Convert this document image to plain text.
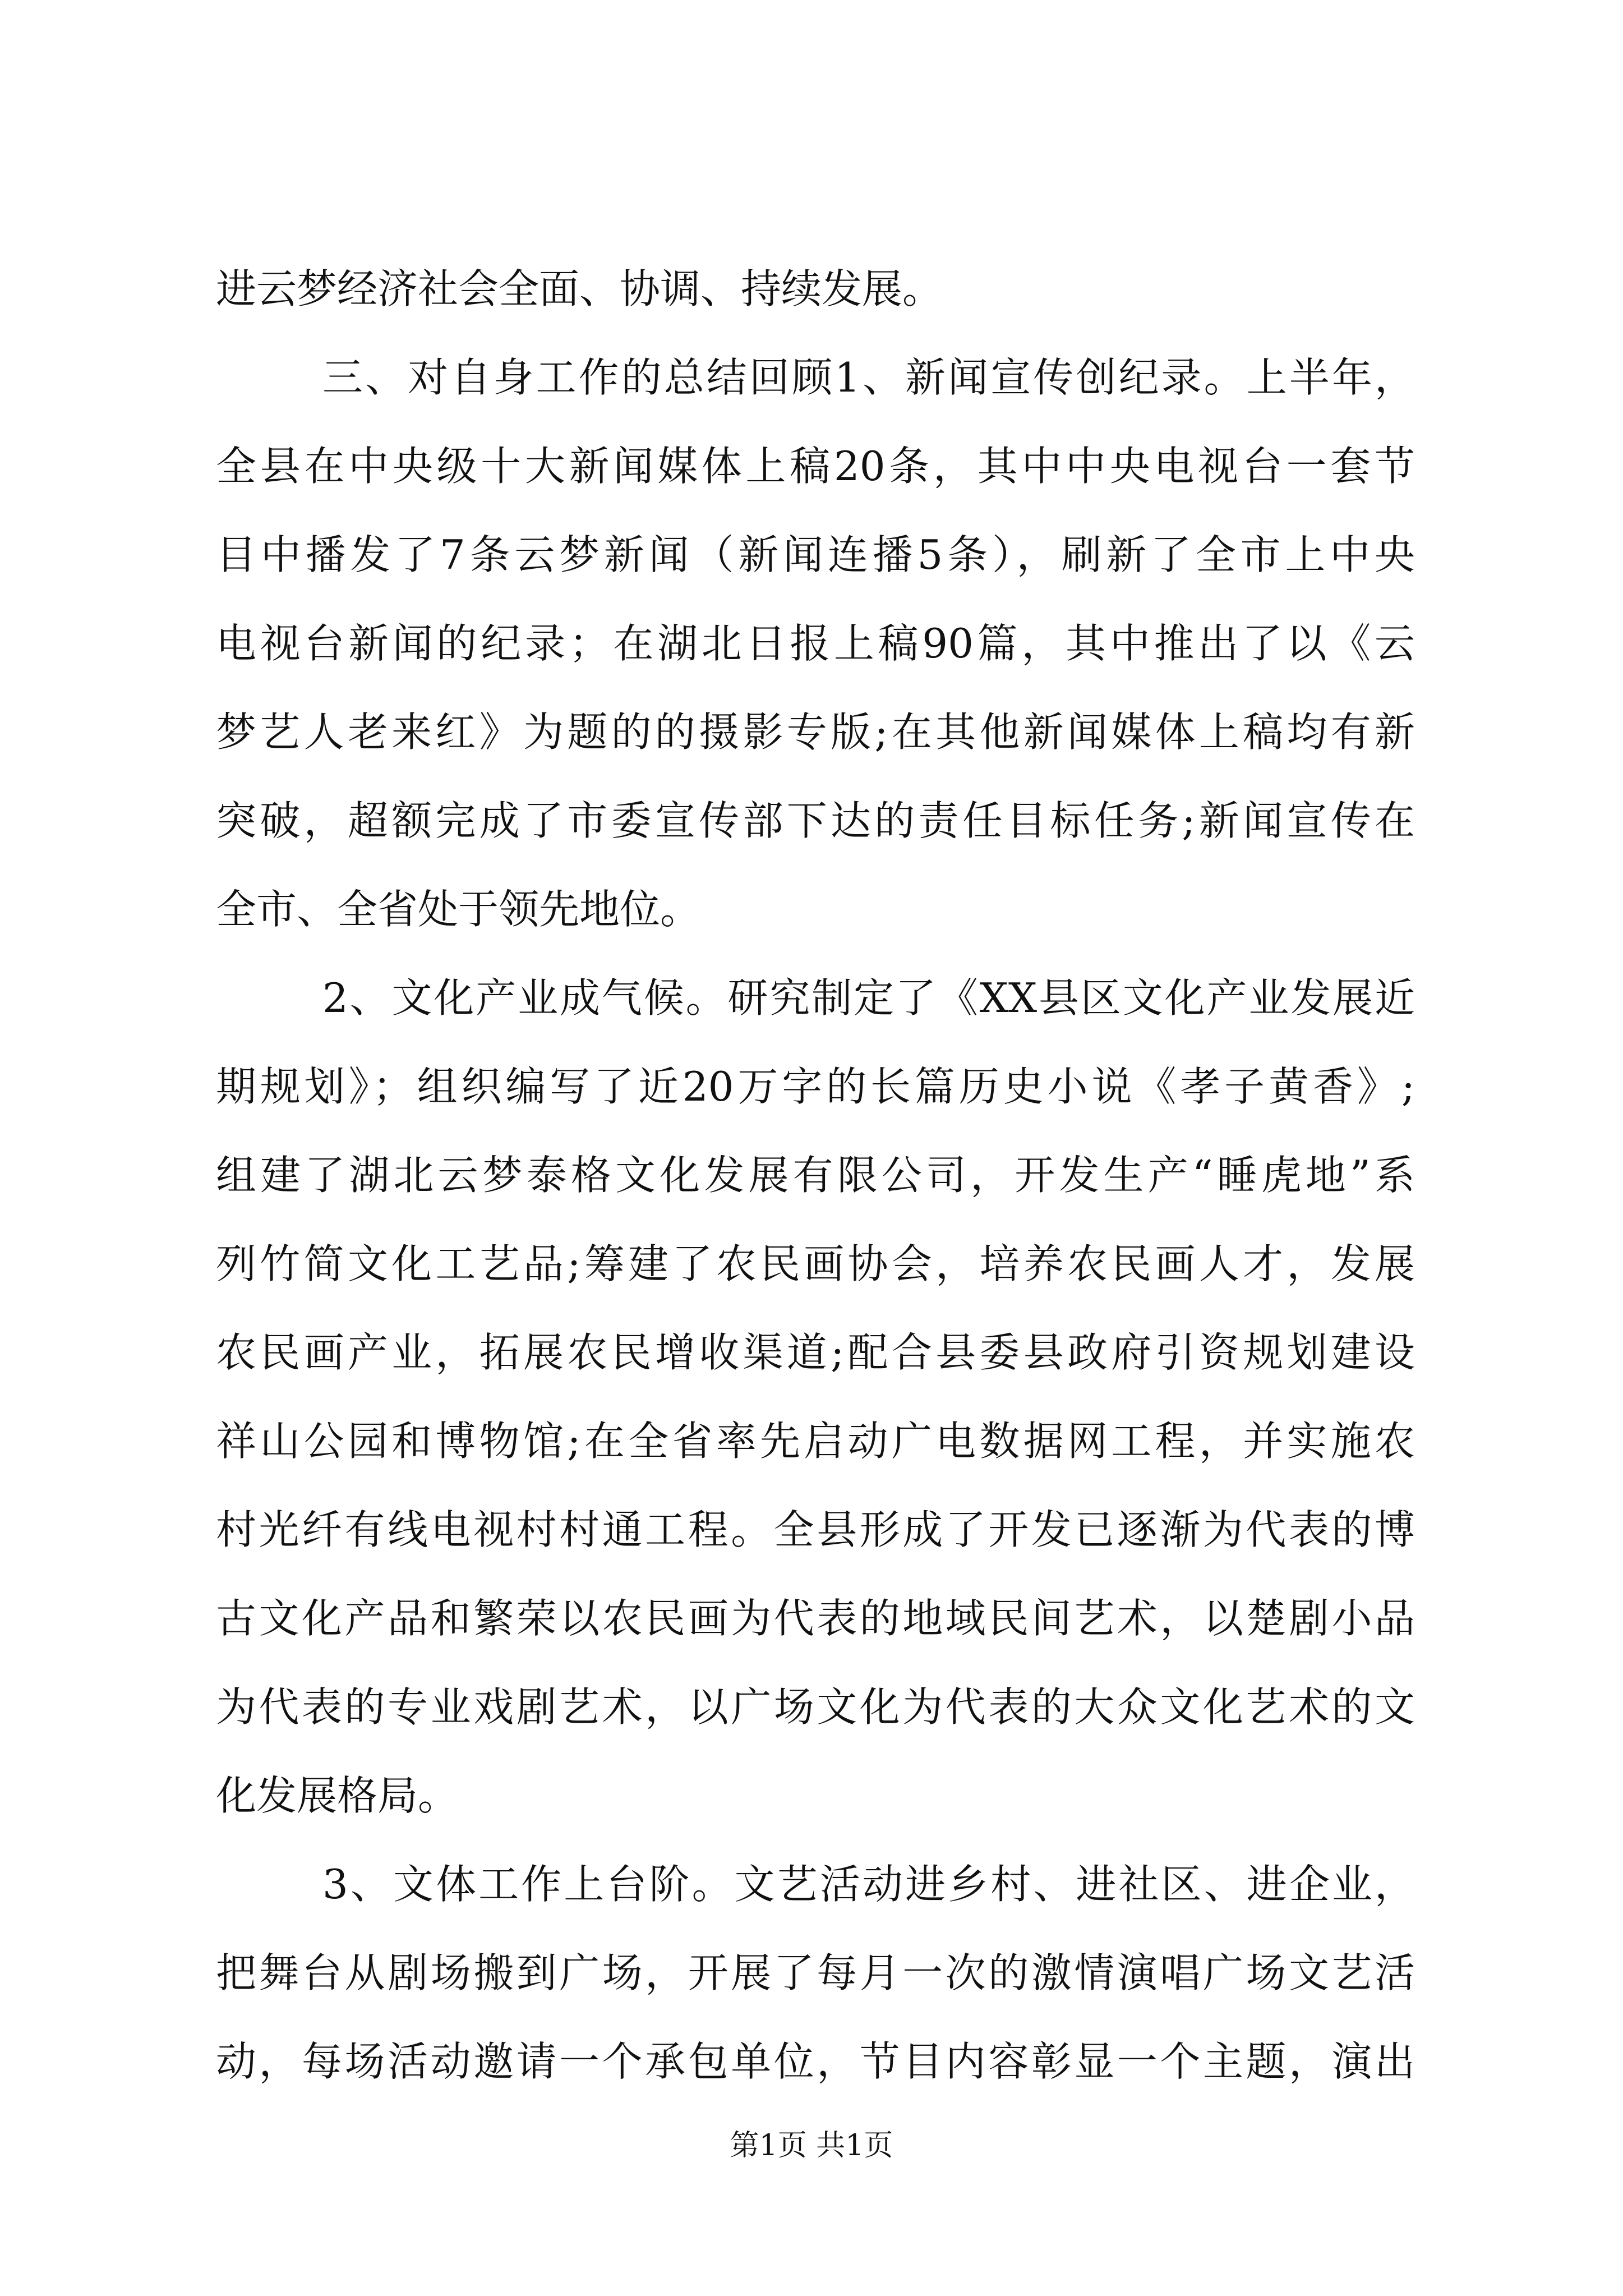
进云梦经济社会全面、协调、持续发展。
三、对自身工作的总结回顾1、新闻宣传创纪录。上半年，
全县在中央级十大新闻媒体上稿20条，其中中央电视台一套节
目中播发了7条云梦新闻（新闻连播5条），刷新了全市上中央
电视台新闻的纪录；在湖北日报上稿90篇，其中推出了以《云
梦艺人老来红》为题的的摄影专版;在其他新闻媒体上稿均有新
突破，超额完成了市委宣传部下达的责任目标任务;新闻宣传在
全市、全省处于领先地位。
2、文化产业成气候。研究制定了《XX县区文化产业发展近
期规划》；组织编写了近20万字的长篇历史小说《孝子黄香》;
组建了湖北云梦泰格文化发展有限公司，开发生产“睡虎地”系
列竹简文化工艺品;筹建了农民画协会，培养农民画人才，发展
农民画产业，拓展农民增收渠道;配合县委县政府引资规划建设
祥山公园和博物馆;在全省率先启动广电数据网工程，并实施农
村光纤有线电视村村通工程。全县形成了开发已逐渐为代表的博
古文化产品和繁荣以农民画为代表的地域民间艺术，以楚剧小品
为代表的专业戏剧艺术，以广场文化为代表的大众文化艺术的文
化发展格局。
3、文体工作上台阶。文艺活动进乡村、进社区、进企业，
把舞台从剧场搬到广场，开展了每月一次的激情演唱广场文艺活
动，每场活动邀请一个承包单位，节目内容彰显一个主题，演出
第1页 共1页
